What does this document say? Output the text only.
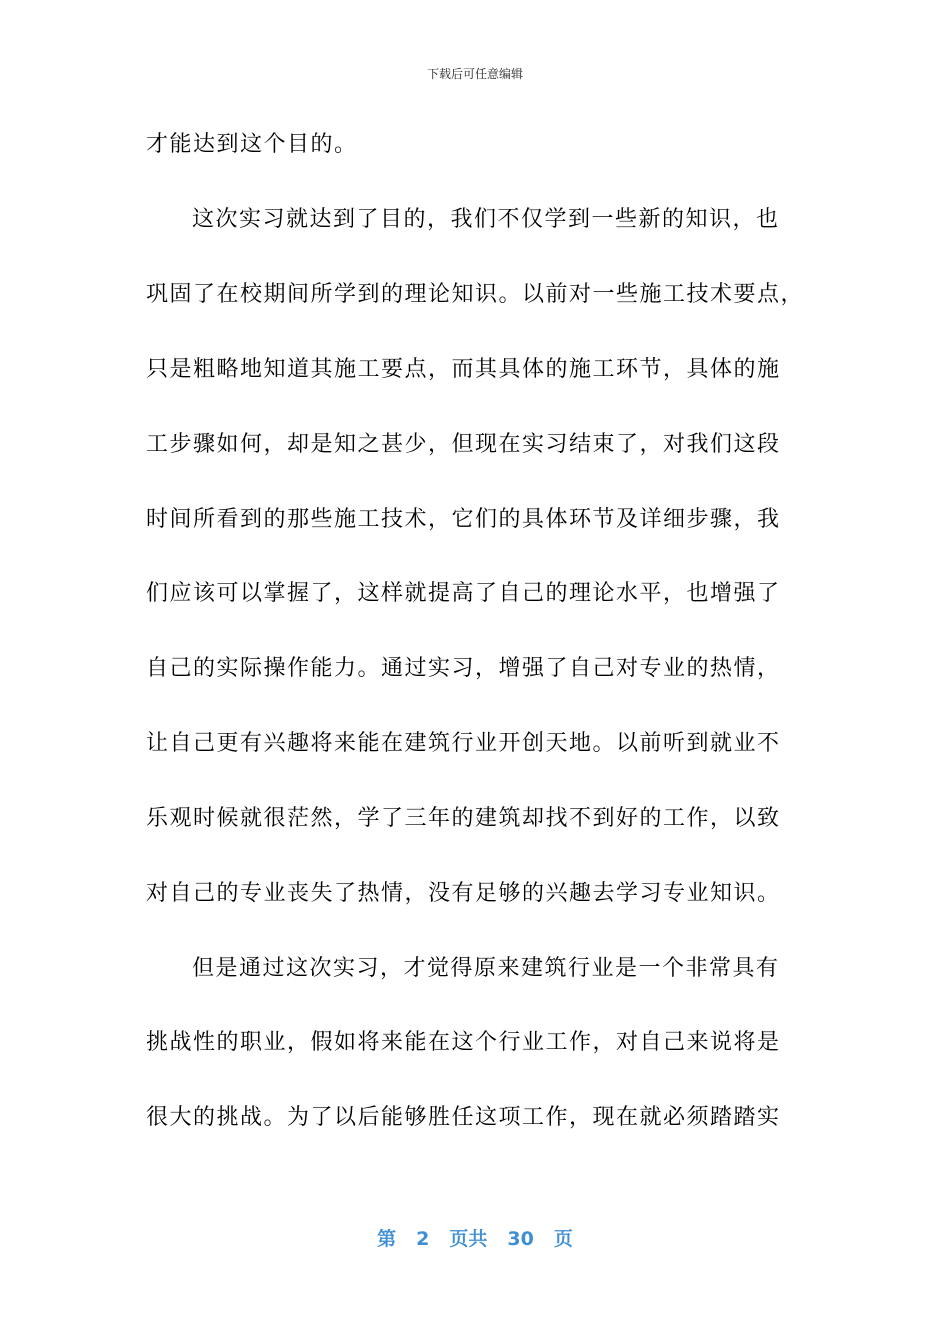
下载后可任意编辑
才能达到这个目的。
这次实习就达到了目的，我们不仅学到一些新的知识，也
巩固了在校期间所学到的理论知识。以前对一些施工技术要点，
只是粗略地知道其施工要点，而其具体的施工环节，具体的施
工步骤如何，却是知之甚少，但现在实习结束了，对我们这段
时间所看到的那些施工技术，它们的具体环节及详细步骤，我
们应该可以掌握了，这样就提高了自己的理论水平，也增强了
自己的实际操作能力。通过实习，增强了自己对专业的热情，
让自己更有兴趣将来能在建筑行业开创天地。以前听到就业不
乐观时候就很茫然，学了三年的建筑却找不到好的工作，以致
对自己的专业丧失了热情，没有足够的兴趣去学习专业知识。
但是通过这次实习，才觉得原来建筑行业是一个非常具有
挑战性的职业，假如将来能在这个行业工作，对自己来说将是
很大的挑战。为了以后能够胜任这项工作，现在就必须踏踏实
第 2 页共 30 页
